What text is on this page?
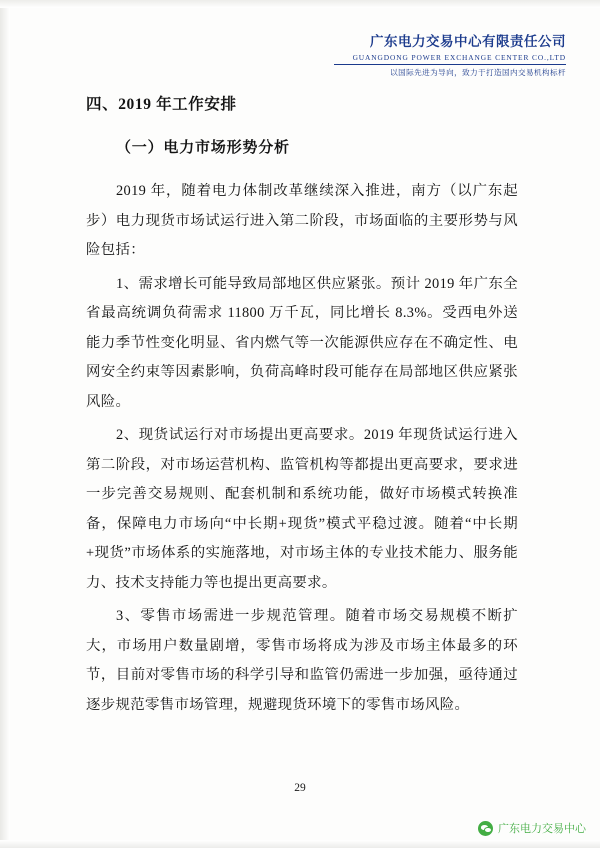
广东电力交易中心有限责任公司
GUANGDONG POWER EXCHANGE CENTER CO.,LTD
以国际先进为导向，致力于打造国内交易机构标杆
四、2019 年工作安排
（一）电力市场形势分析

2019 年，随着电力体制改革继续深入推进，南方（以广东起步）电力现货市场试运行进入第二阶段，市场面临的主要形势与风险包括：

1、需求增长可能导致局部地区供应紧张。预计 2019 年广东全省最高统调负荷需求 11800 万千瓦，同比增长 8.3%。受西电外送能力季节性变化明显、省内燃气等一次能源供应存在不确定性、电网安全约束等因素影响，负荷高峰时段可能存在局部地区供应紧张风险。

2、现货试运行对市场提出更高要求。2019 年现货试运行进入第二阶段，对市场运营机构、监管机构等都提出更高要求，要求进一步完善交易规则、配套机制和系统功能，做好市场模式转换准备，保障电力市场向“中长期+现货”模式平稳过渡。随着“中长期+现货”市场体系的实施落地，对市场主体的专业技术能力、服务能力、技术支持能力等也提出更高要求。

3、零售市场需进一步规范管理。随着市场交易规模不断扩大，市场用户数量剧增，零售市场将成为涉及市场主体最多的环节，目前对零售市场的科学引导和监管仍需进一步加强，亟待通过逐步规范零售市场管理，规避现货环境下的零售市场风险。

29
广东电力交易中心
